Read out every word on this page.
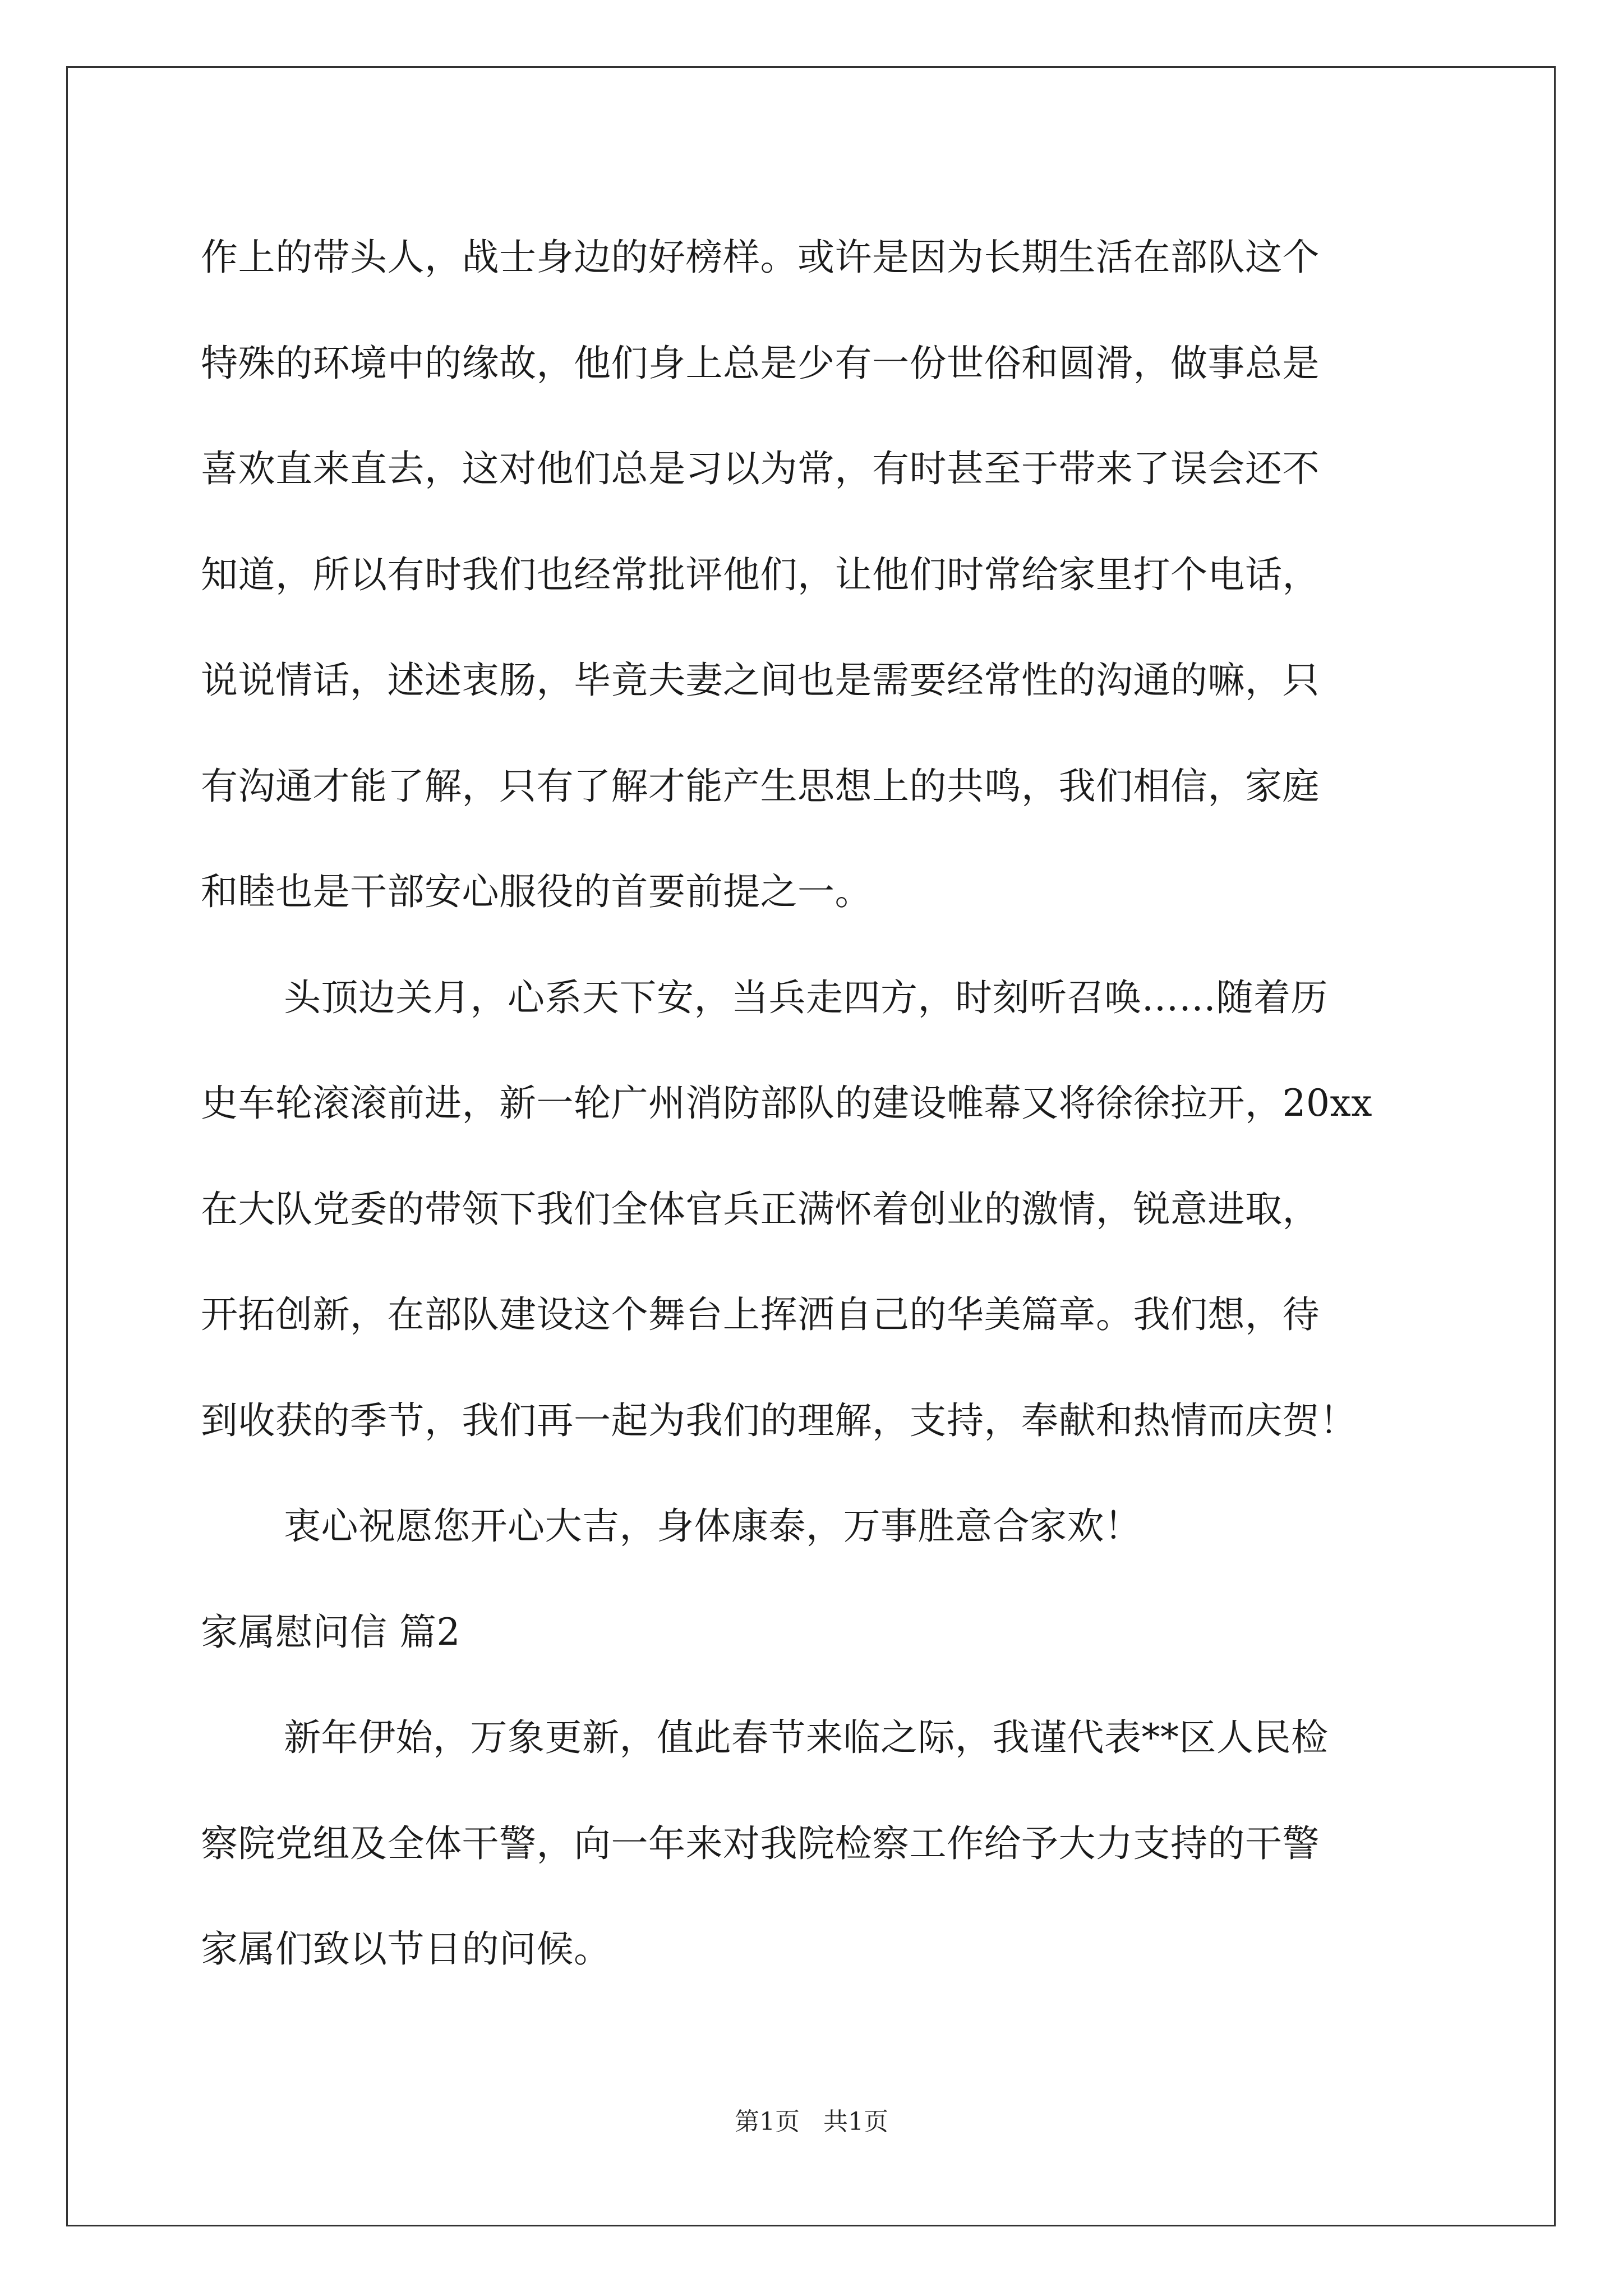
作上的带头人，战士身边的好榜样。或许是因为长期生活在部队这个
特殊的环境中的缘故，他们身上总是少有一份世俗和圆滑，做事总是
喜欢直来直去，这对他们总是习以为常，有时甚至于带来了误会还不
知道，所以有时我们也经常批评他们，让他们时常给家里打个电话，
说说情话，述述衷肠，毕竟夫妻之间也是需要经常性的沟通的嘛，只
有沟通才能了解，只有了解才能产生思想上的共鸣，我们相信，家庭
和睦也是干部安心服役的首要前提之一。
头顶边关月，心系天下安，当兵走四方，时刻听召唤……随着历
史车轮滚滚前进，新一轮广州消防部队的建设帷幕又将徐徐拉开，20xx
在大队党委的带领下我们全体官兵正满怀着创业的激情，锐意进取，
开拓创新，在部队建设这个舞台上挥洒自己的华美篇章。我们想，待
到收获的季节，我们再一起为我们的理解，支持，奉献和热情而庆贺！
衷心祝愿您开心大吉，身体康泰，万事胜意合家欢！
家属慰问信 篇2
新年伊始，万象更新，值此春节来临之际，我谨代表**区人民检
察院党组及全体干警，向一年来对我院检察工作给予大力支持的干警
家属们致以节日的问候。
第1页 共1页
